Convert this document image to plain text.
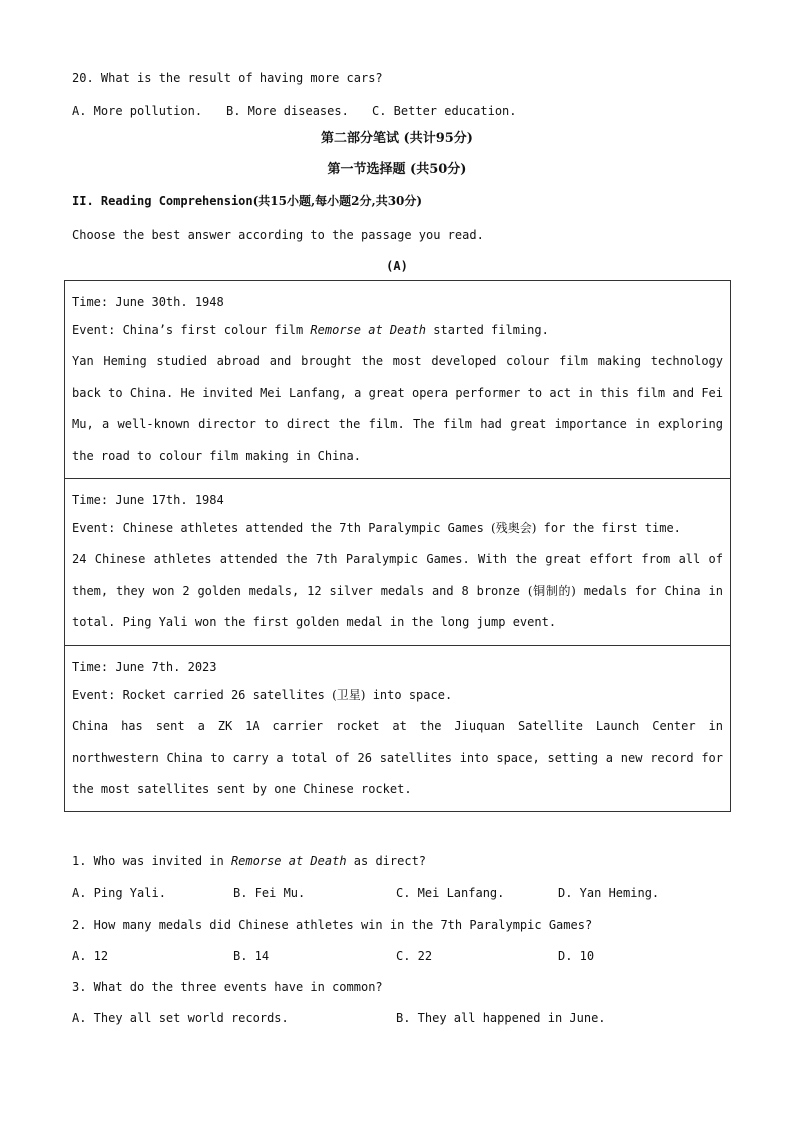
20. What is the result of having more cars?
A. More pollution. B. More diseases. C. Better education.
第二部分笔试 (共计95分)
第一节选择题 (共50分)
II. Reading Comprehension(共15小题,每小题2分,共30分)
Choose the best answer according to the passage you read.
(A)
Time: June 30th. 1948
Event: China’s first colour film Remorse at Death started filming.
Yan Heming studied abroad and brought the most developed colour film making technology back to China. He invited Mei Lanfang, a great opera performer to act in this film and Fei Mu, a well-known director to direct the film. The film had great importance in exploring the road to colour film making in China.

Time: June 17th. 1984
Event: Chinese athletes attended the 7th Paralympic Games (残奥会) for the first time.
24 Chinese athletes attended the 7th Paralympic Games. With the great effort from all of them, they won 2 golden medals, 12 silver medals and 8 bronze (铜制的) medals for China in total. Ping Yali won the first golden medal in the long jump event.

Time: June 7th. 2023
Event: Rocket carried 26 satellites (卫星) into space.
China has sent a ZK 1A carrier rocket at the Jiuquan Satellite Launch Center in northwestern China to carry a total of 26 satellites into space, setting a new record for the most satellites sent by one Chinese rocket.
1. Who was invited in Remorse at Death as direct?
A. Ping Yali.	B. Fei Mu.	C. Mei Lanfang.	D. Yan Heming.
2. How many medals did Chinese athletes win in the 7th Paralympic Games?
A. 12	B. 14	C. 22	D. 10
3. What do the three events have in common?
A. They all set world records.	B. They all happened in June.
